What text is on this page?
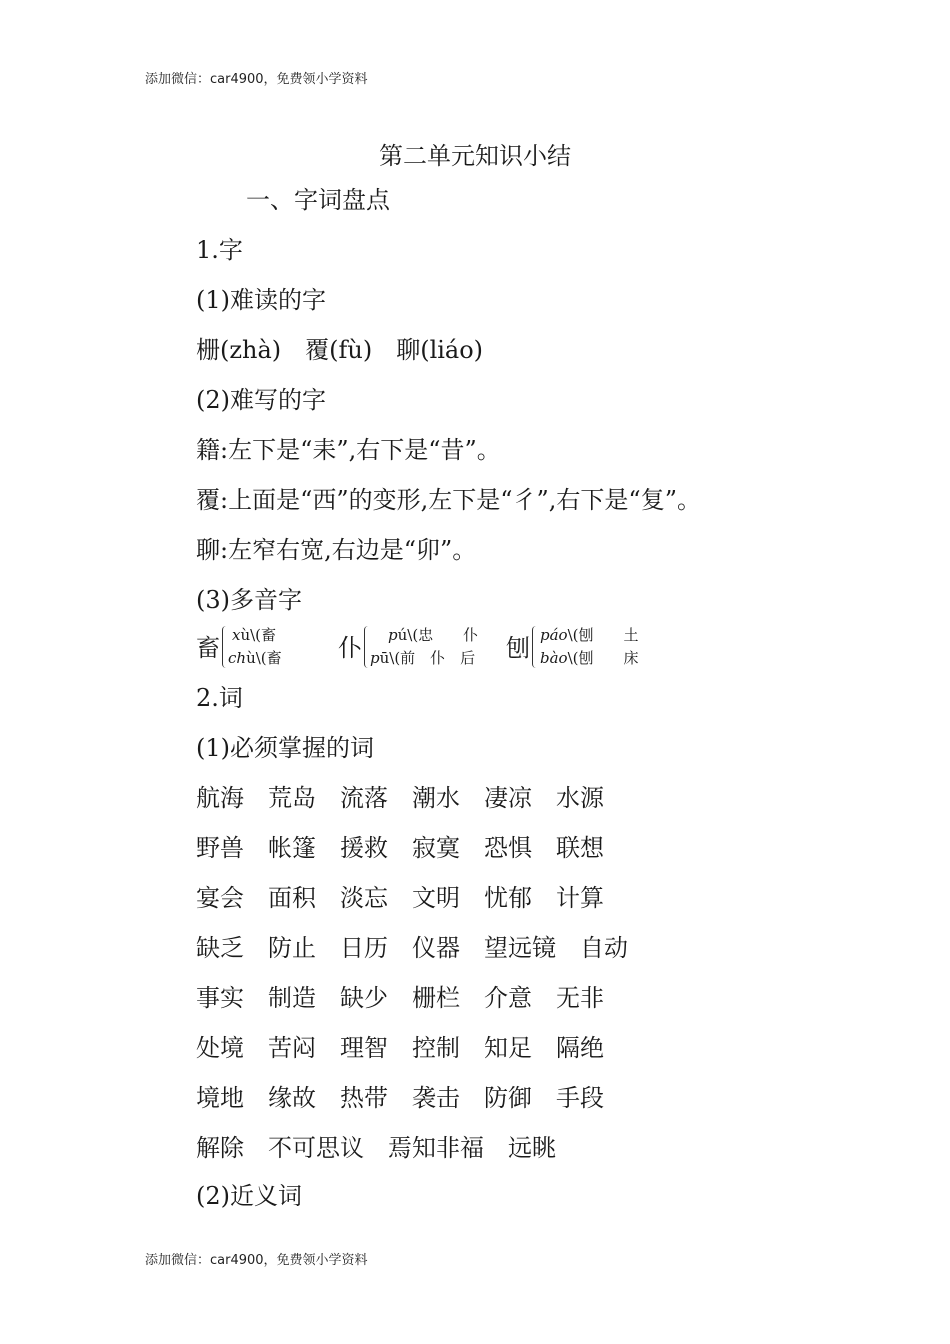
添加微信：car4900，免费领小学资料
第二单元知识小结
一、字词盘点
1.字
(1)难读的字
栅(zhà)　覆(fù)　聊(liáo)
(2)难写的字
籍:左下是“耒”,右下是“昔”。
覆:上面是“西”的变形,左下是“彳”,右下是“复”。
聊:左窄右宽,右边是“卯”。
(3)多音字
畜 xù\(畜
chù\(畜 仆 pú\(忠　　仆
pū\(前　仆　后 刨 páo\(刨　　土
bào\(刨　　床
2.词
(1)必须掌握的词
航海 荒岛 流落 潮水 凄凉 水源
野兽 帐篷 援救 寂寞 恐惧 联想
宴会 面积 淡忘 文明 忧郁 计算
缺乏 防止 日历 仪器 望远镜 自动
事实 制造 缺少 栅栏 介意 无非
处境 苦闷 理智 控制 知足 隔绝
境地 缘故 热带 袭击 防御 手段
解除 不可思议 焉知非福 远眺
(2)近义词
添加微信：car4900，免费领小学资料
